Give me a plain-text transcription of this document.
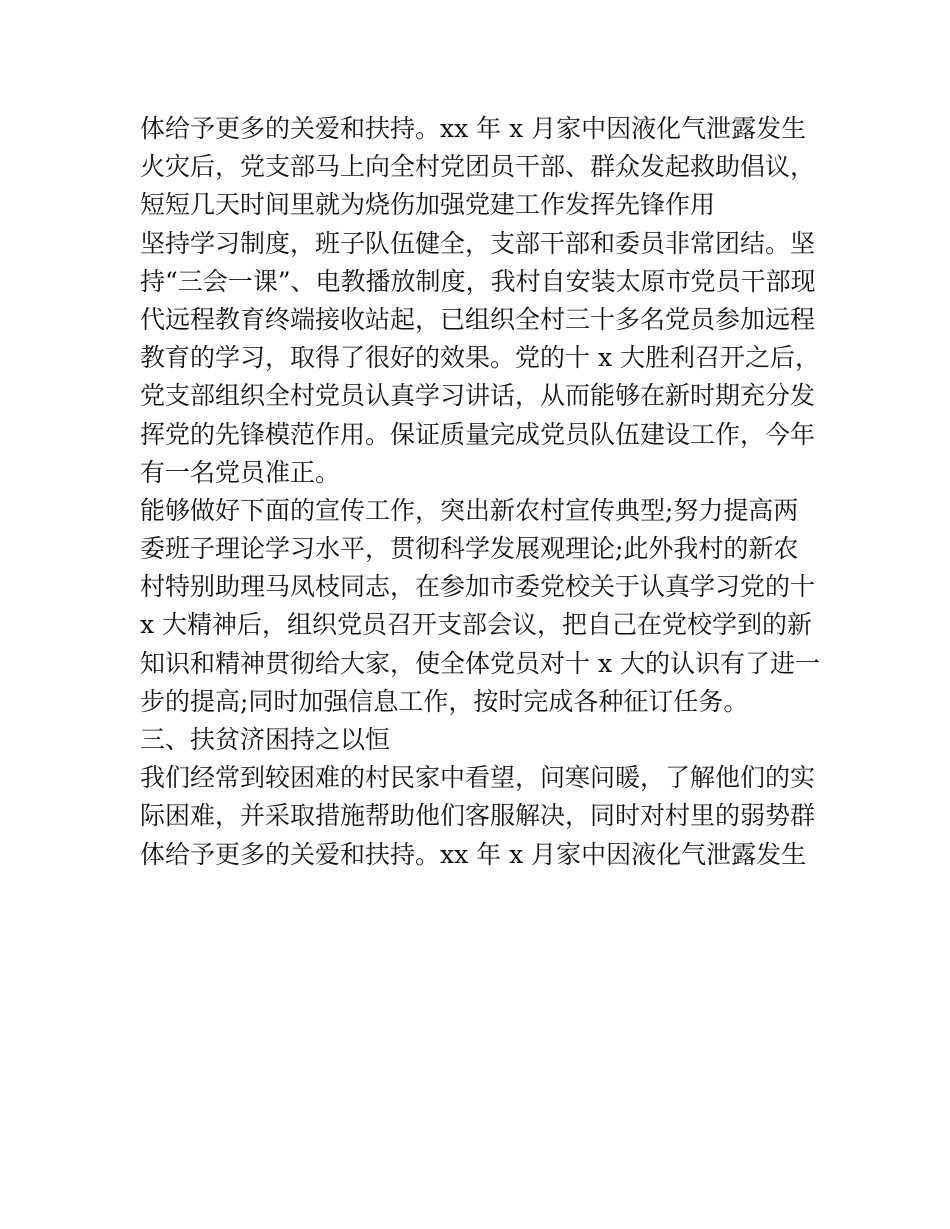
体给予更多的关爱和扶持。xx 年 x 月家中因液化气泄露发生
火灾后，党支部马上向全村党团员干部、群众发起救助倡议，
短短几天时间里就为烧伤加强党建工作发挥先锋作用
坚持学习制度，班子队伍健全，支部干部和委员非常团结。坚
持“三会一课”、电教播放制度，我村自安装太原市党员干部现
代远程教育终端接收站起，已组织全村三十多名党员参加远程
教育的学习，取得了很好的效果。党的十 x 大胜利召开之后，
党支部组织全村党员认真学习讲话，从而能够在新时期充分发
挥党的先锋模范作用。保证质量完成党员队伍建设工作，今年
有一名党员准正。
能够做好下面的宣传工作，突出新农村宣传典型;努力提高两
委班子理论学习水平，贯彻科学发展观理论;此外我村的新农
村特别助理马凤枝同志，在参加市委党校关于认真学习党的十
x 大精神后，组织党员召开支部会议，把自己在党校学到的新
知识和精神贯彻给大家，使全体党员对十 x 大的认识有了进一
步的提高;同时加强信息工作，按时完成各种征订任务。
三、扶贫济困持之以恒
我们经常到较困难的村民家中看望，问寒问暖，了解他们的实
际困难，并采取措施帮助他们客服解决，同时对村里的弱势群
体给予更多的关爱和扶持。xx 年 x 月家中因液化气泄露发生
